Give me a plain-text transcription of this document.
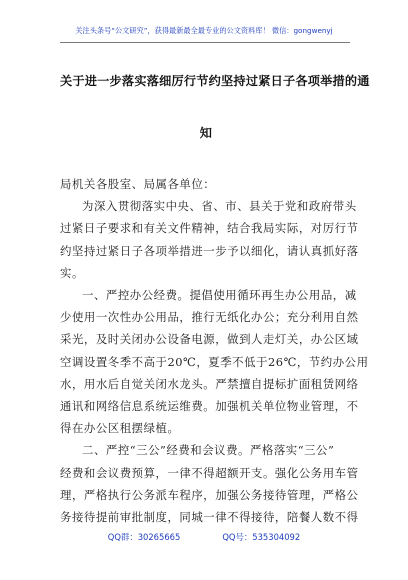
关注头条号“公文研究”，获得最新最全最专业的公文资料库！ 微信：gongwenyj
关于进一步落实落细厉行节约坚持过紧日子各项举措的通
知
局机关各股室、局属各单位：
为深入贯彻落实中央、省、市、县关于党和政府带头
过紧日子要求和有关文件精神，结合我局实际，对厉行节
约坚持过紧日子各项举措进一步予以细化，请认真抓好落
实。
一、严控办公经费。提倡使用循环再生办公用品，减
少使用一次性办公用品，推行无纸化办公；充分利用自然
采光，及时关闭办公设备电源，做到人走灯关，办公区域
空调设置冬季不高于20℃，夏季不低于26℃，节约办公用
水，用水后自觉关闭水龙头。严禁擅自提标扩面租赁网络
通讯和网络信息系统运维费。加强机关单位物业管理，不
得在办公区租摆绿植。
二、严控“三公”经费和会议费。严格落实“三公”
经费和会议费预算，一律不得超额开支。强化公务用车管
理，严格执行公务派车程序，加强公务接待管理，严格公
务接待提前审批制度，同城一律不得接待，陪餐人数不得
QQ群：30265665	QQ号：535304092
